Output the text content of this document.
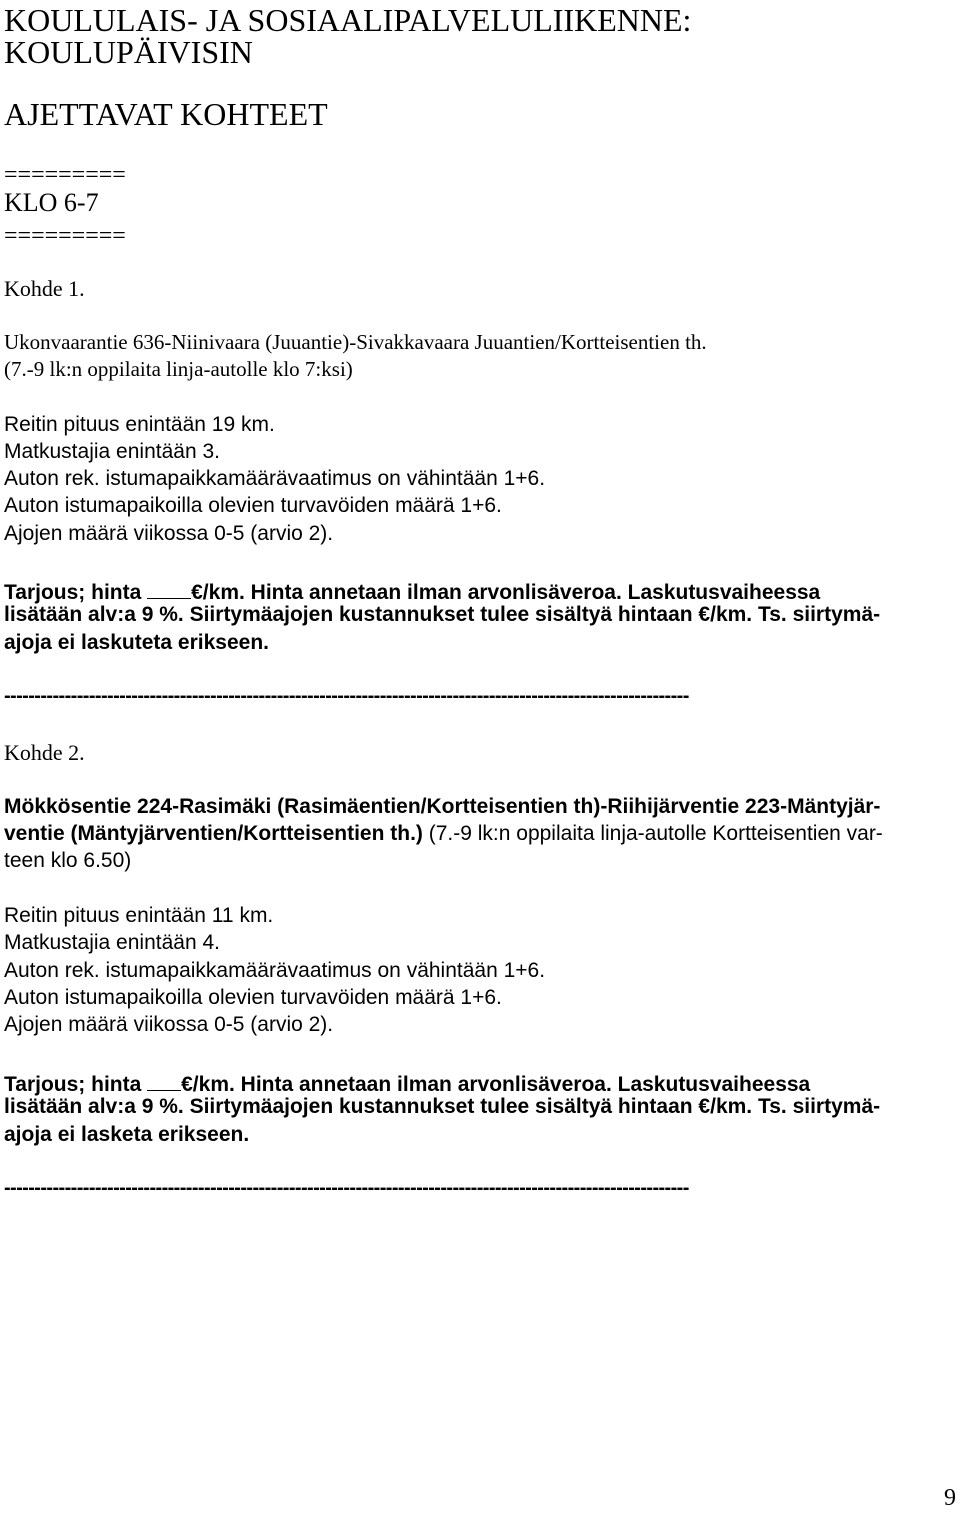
KOULULAIS- JA SOSIAALIPALVELULIIKENNE:
KOULUPÄIVISIN
AJETTAVAT KOHTEET
=========
KLO 6-7
=========
Kohde 1.
Ukonvaarantie 636-Niinivaara (Juuantie)-Sivakkavaara Juuantien/Kortteisentien th.
(7.-9 lk:n oppilaita linja-autolle klo 7:ksi)
Reitin pituus enintään 19 km.
Matkustajia enintään 3.
Auton rek. istumapaikkamäärävaatimus on vähintään 1+6.
Auton istumapaikoilla olevien turvavöiden määrä 1+6.
Ajojen määrä viikossa 0-5 (arvio 2).
Tarjous; hinta €/km. Hinta annetaan ilman arvonlisäveroa. Laskutusvaiheessa
lisätään alv:a 9 %. Siirtymäajojen kustannukset tulee sisältyä hintaan €/km. Ts. siirtymä-
ajoja ei laskuteta erikseen.
-----------------------------------------------------------------------------------------------------------------
Kohde 2.
Mökkösentie 224-Rasimäki (Rasimäentien/Kortteisentien th)-Riihijärventie 223-Mäntyjär-
ventie (Mäntyjärventien/Kortteisentien th.) (7.-9 lk:n oppilaita linja-autolle Kortteisentien var-
teen klo 6.50)
Reitin pituus enintään 11 km.
Matkustajia enintään 4.
Auton rek. istumapaikkamäärävaatimus on vähintään 1+6.
Auton istumapaikoilla olevien turvavöiden määrä 1+6.
Ajojen määrä viikossa 0-5 (arvio 2).
Tarjous; hinta €/km. Hinta annetaan ilman arvonlisäveroa. Laskutusvaiheessa
lisätään alv:a 9 %. Siirtymäajojen kustannukset tulee sisältyä hintaan €/km. Ts. siirtymä-
ajoja ei lasketa erikseen.
-----------------------------------------------------------------------------------------------------------------
9
